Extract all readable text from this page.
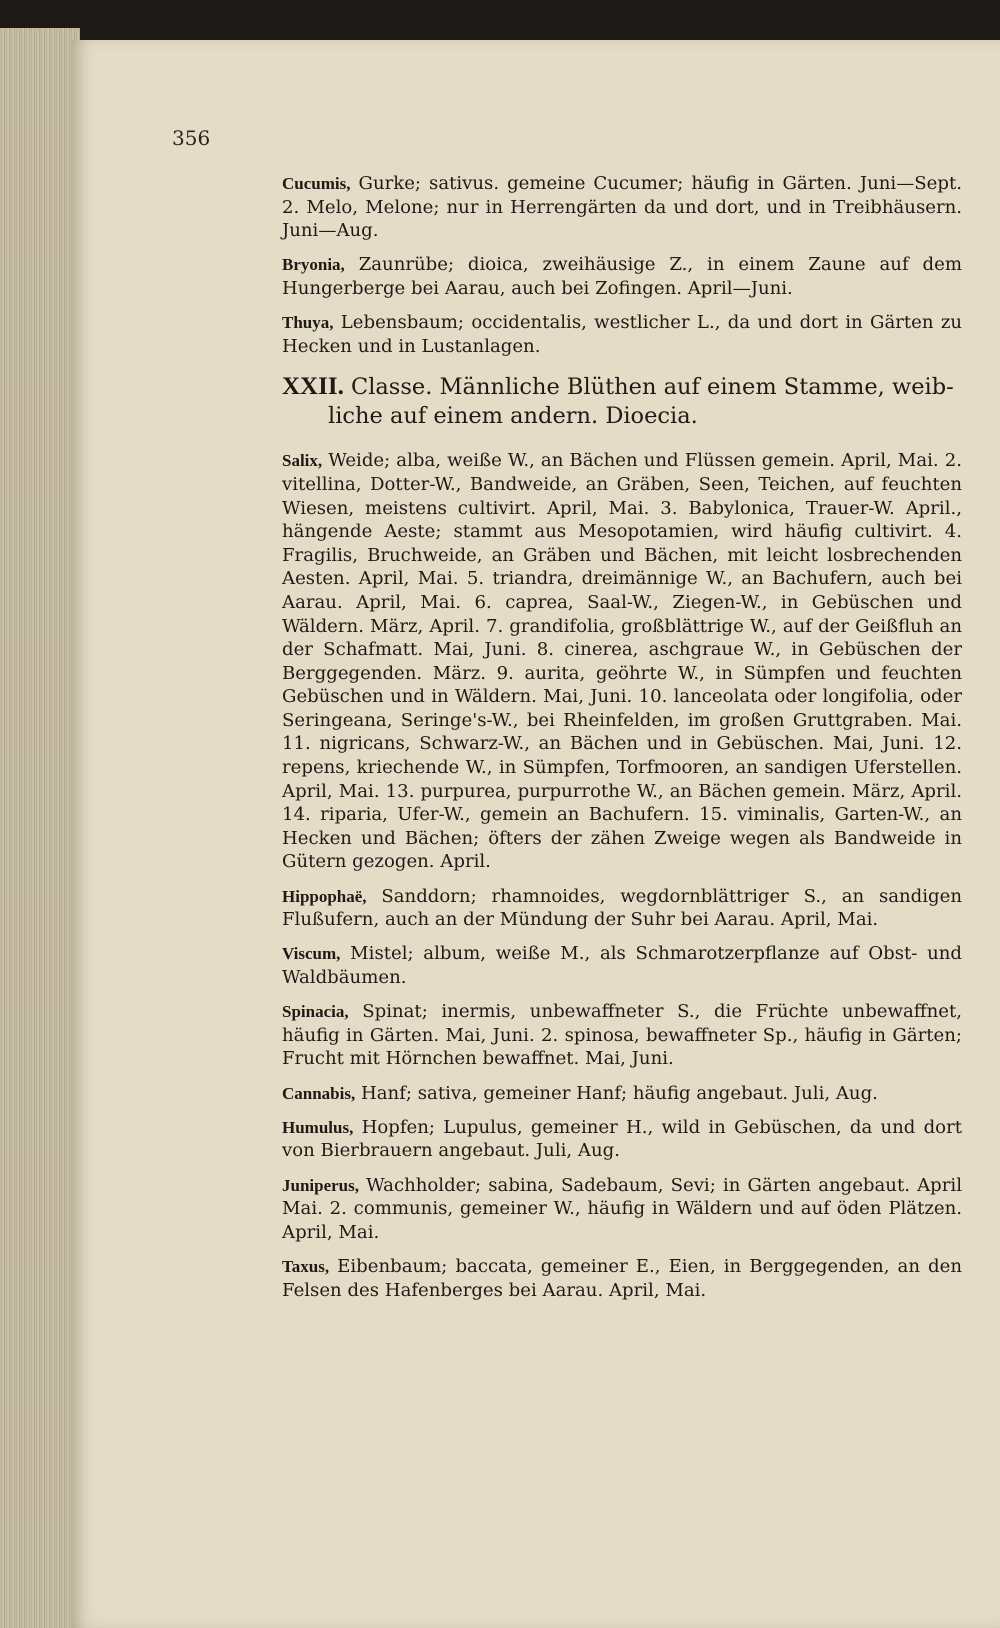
356

Cucumis, Gurke; sativus. gemeine Cucumer; häufig in Gärten. Juni—Sept. 2. Melo, Melone; nur in Herrengärten da und dort, und in Treibhäusern. Juni—Aug.

Bryonia, Zaunrübe; dioica, zweihäusige Z., in einem Zaune auf dem Hungerberge bei Aarau, auch bei Zofingen. April—Juni.

Thuya, Lebensbaum; occidentalis, westlicher L., da und dort in Gärten zu Hecken und in Lustanlagen.

XXII. Classe. Männliche Blüthen auf einem Stamme, weib-
liche auf einem andern. Dioecia.

Salix, Weide; alba, weiße W., an Bächen und Flüssen gemein. April, Mai. 2. vitellina, Dotter-W., Bandweide, an Gräben, Seen, Teichen, auf feuchten Wiesen, meistens cultivirt. April, Mai. 3. Babylonica, Trauer-W. April., hängende Aeste; stammt aus Mesopotamien, wird häufig cultivirt. 4. Fragilis, Bruchweide, an Gräben und Bächen, mit leicht losbrechenden Aesten. April, Mai. 5. triandra, dreimännige W., an Bachufern, auch bei Aarau. April, Mai. 6. caprea, Saal-W., Ziegen-W., in Gebüschen und Wäldern. März, April. 7. grandifolia, großblättrige W., auf der Geißfluh an der Schafmatt. Mai, Juni. 8. cinerea, aschgraue W., in Gebüschen der Berggegenden. März. 9. aurita, geöhrte W., in Sümpfen und feuchten Gebüschen und in Wäldern. Mai, Juni. 10. lanceolata oder longifolia, oder Seringeana, Seringe's-W., bei Rheinfelden, im großen Gruttgraben. Mai. 11. nigricans, Schwarz-W., an Bächen und in Gebüschen. Mai, Juni. 12. repens, kriechende W., in Sümpfen, Torfmooren, an sandigen Uferstellen. April, Mai. 13. purpurea, purpurrothe W., an Bächen gemein. März, April. 14. riparia, Ufer-W., gemein an Bachufern. 15. viminalis, Garten-W., an Hecken und Bächen; öfters der zähen Zweige wegen als Bandweide in Gütern gezogen. April.

Hippophaë, Sanddorn; rhamnoides, wegdornblättriger S., an sandigen Flußufern, auch an der Mündung der Suhr bei Aarau. April, Mai.

Viscum, Mistel; album, weiße M., als Schmarotzerpflanze auf Obst- und Waldbäumen.

Spinacia, Spinat; inermis, unbewaffneter S., die Früchte unbewaffnet, häufig in Gärten. Mai, Juni. 2. spinosa, bewaffneter Sp., häufig in Gärten; Frucht mit Hörnchen bewaffnet. Mai, Juni.

Cannabis, Hanf; sativa, gemeiner Hanf; häufig angebaut. Juli, Aug.

Humulus, Hopfen; Lupulus, gemeiner H., wild in Gebüschen, da und dort von Bierbrauern angebaut. Juli, Aug.

Juniperus, Wachholder; sabina, Sadebaum, Sevi; in Gärten angebaut. April Mai. 2. communis, gemeiner W., häufig in Wäldern und auf öden Plätzen. April, Mai.

Taxus, Eibenbaum; baccata, gemeiner E., Eien, in Berggegenden, an den Felsen des Hafenberges bei Aarau. April, Mai.
